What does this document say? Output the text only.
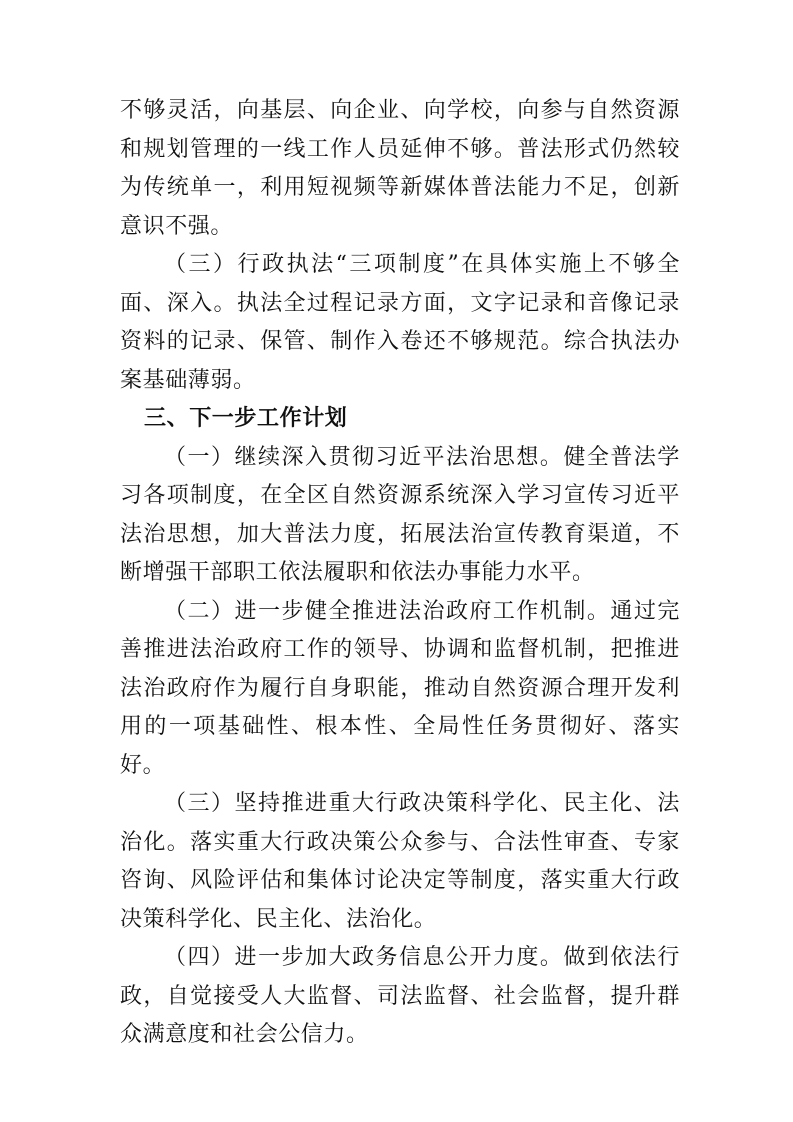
不够灵活，向基层、向企业、向学校，向参与自然资源和规划管理的一线工作人员延伸不够。普法形式仍然较为传统单一，利用短视频等新媒体普法能力不足，创新意识不强。

（三）行政执法“三项制度”在具体实施上不够全面、深入。执法全过程记录方面，文字记录和音像记录资料的记录、保管、制作入卷还不够规范。综合执法办案基础薄弱。

三、下一步工作计划

（一）继续深入贯彻习近平法治思想。健全普法学习各项制度，在全区自然资源系统深入学习宣传习近平法治思想，加大普法力度，拓展法治宣传教育渠道，不断增强干部职工依法履职和依法办事能力水平。

（二）进一步健全推进法治政府工作机制。通过完善推进法治政府工作的领导、协调和监督机制，把推进法治政府作为履行自身职能，推动自然资源合理开发利用的一项基础性、根本性、全局性任务贯彻好、落实好。

（三）坚持推进重大行政决策科学化、民主化、法治化。落实重大行政决策公众参与、合法性审查、专家咨询、风险评估和集体讨论决定等制度，落实重大行政决策科学化、民主化、法治化。

（四）进一步加大政务信息公开力度。做到依法行政，自觉接受人大监督、司法监督、社会监督，提升群众满意度和社会公信力。
